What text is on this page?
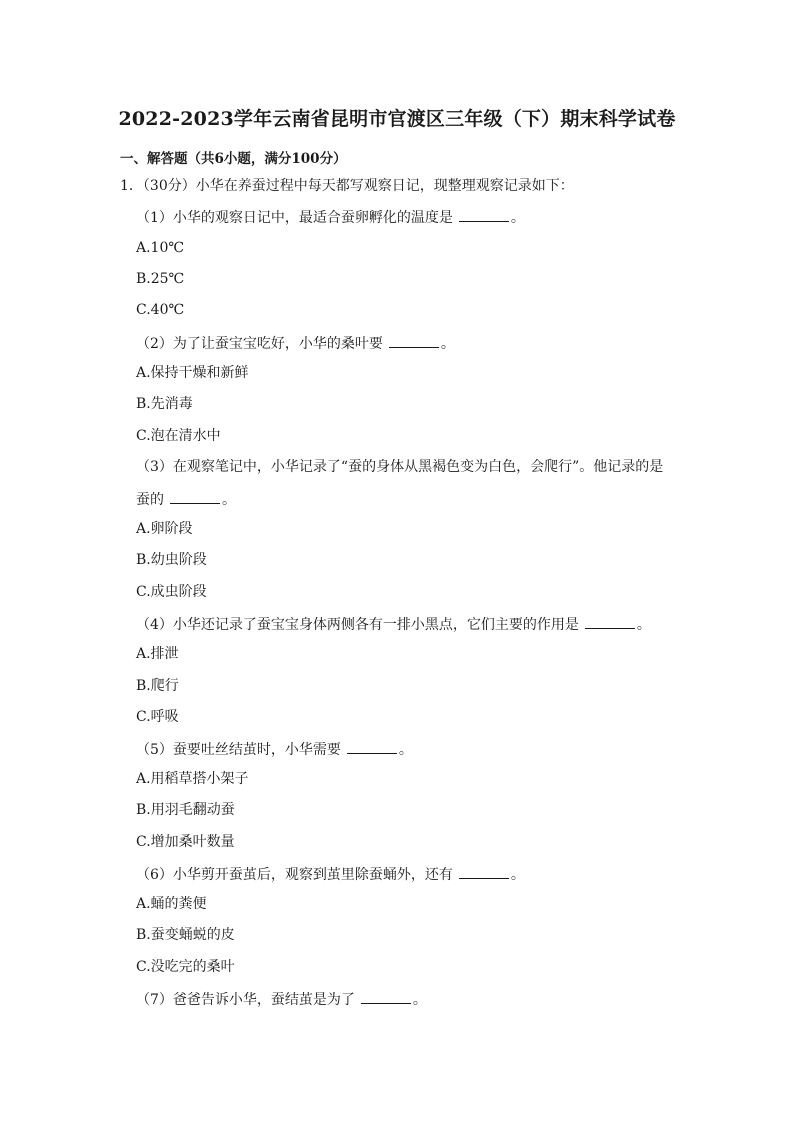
2022-2023学年云南省昆明市官渡区三年级（下）期末科学试卷
一、解答题（共6小题，满分100分）
1．（30分）小华在养蚕过程中每天都写观察日记，现整理观察记录如下：
（1）小华的观察日记中，最适合蚕卵孵化的温度是	。
A.10℃
B.25℃
C.40℃
（2）为了让蚕宝宝吃好，小华的桑叶要	。
A.保持干燥和新鲜
B.先消毒
C.泡在清水中
（3）在观察笔记中，小华记录了“蚕的身体从黑褐色变为白色，会爬行”。他记录的是
蚕的	。
A.卵阶段
B.幼虫阶段
C.成虫阶段
（4）小华还记录了蚕宝宝身体两侧各有一排小黑点，它们主要的作用是	。
A.排泄
B.爬行
C.呼吸
（5）蚕要吐丝结茧时，小华需要	。
A.用稻草搭小架子
B.用羽毛翻动蚕
C.增加桑叶数量
（6）小华剪开蚕茧后，观察到茧里除蚕蛹外，还有	。
A.蛹的粪便
B.蚕变蛹蜕的皮
C.没吃完的桑叶
（7）爸爸告诉小华，蚕结茧是为了	。
